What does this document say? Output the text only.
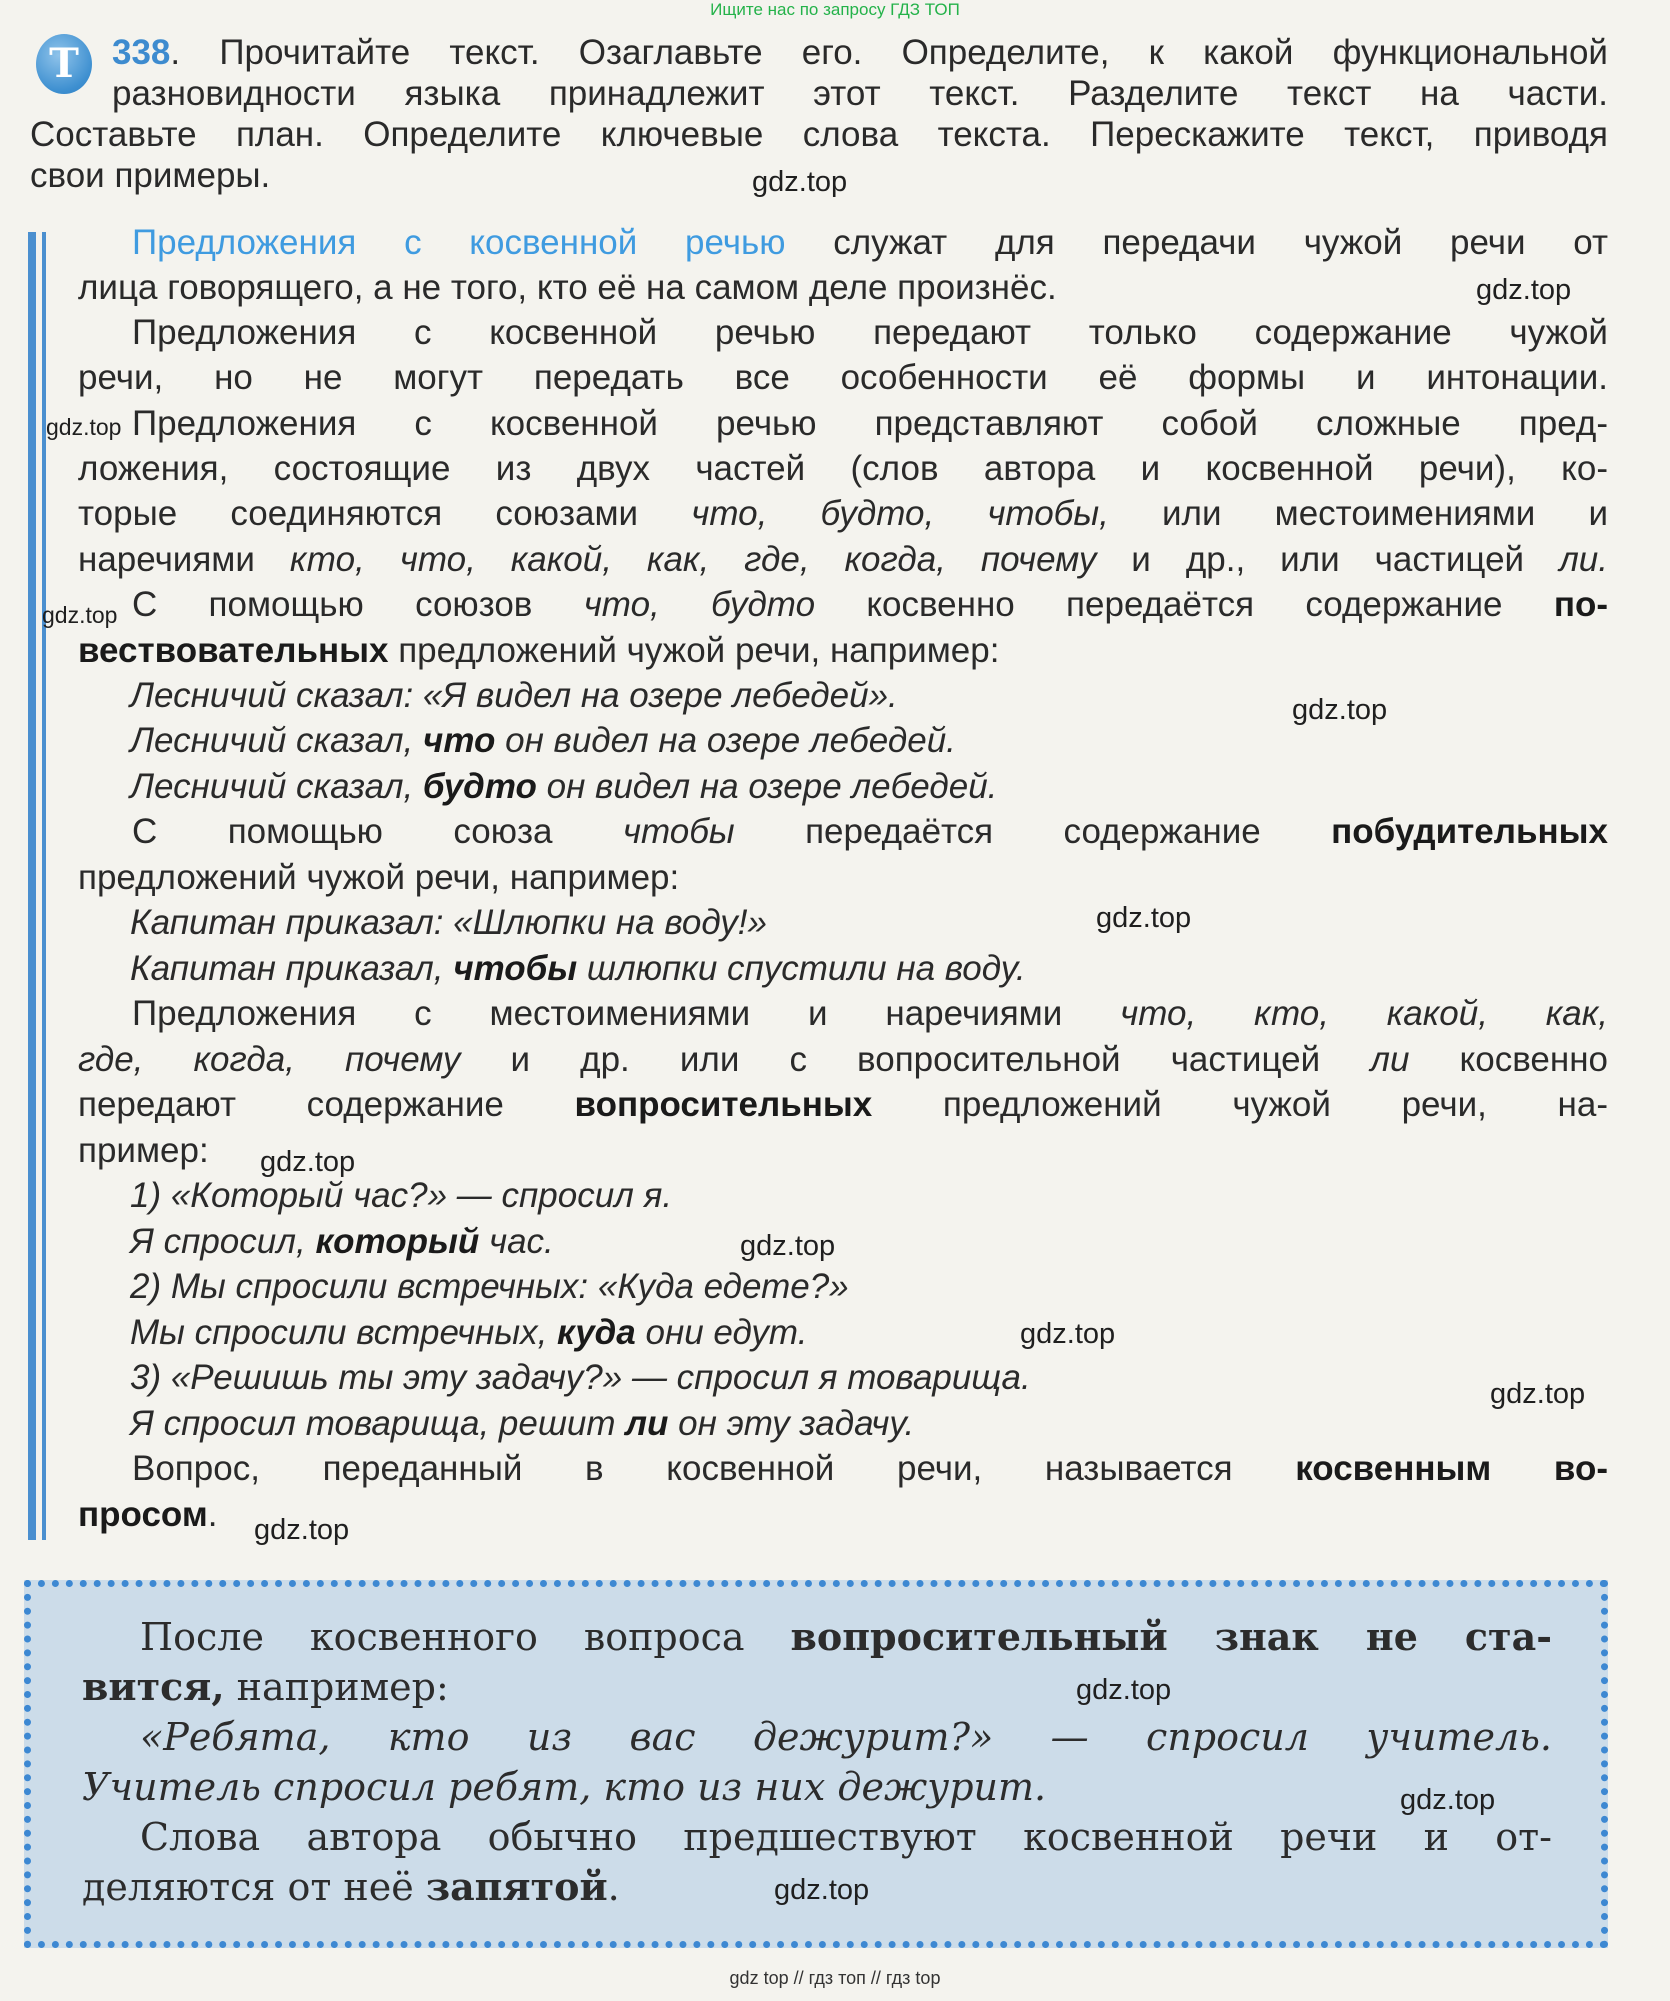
Ищите нас по запросу ГДЗ ТОП
Т 338. Прочитайте текст. Озаглавьте его. Определите, к какой функциональной
разновидности языка принадлежит этот текст. Разделите текст на части.
Составьте план. Определите ключевые слова текста. Перескажите текст, приводя
свои примеры.
Предложения с косвенной речью служат для передачи чужой речи от
лица говорящего, а не того, кто её на самом деле произнёс.
Предложения с косвенной речью передают только содержание чужой
речи, но не могут передать все особенности её формы и интонации.
Предложения с косвенной речью представляют собой сложные пред-
ложения, состоящие из двух частей (слов автора и косвенной речи), ко-
торые соединяются союзами что, будто, чтобы, или местоимениями и
наречиями кто, что, какой, как, где, когда, почему и др., или частицей ли.
С помощью союзов что, будто косвенно передаётся содержание по-
вествовательных предложений чужой речи, например:
Лесничий сказал: «Я видел на озере лебедей».
Лесничий сказал, что он видел на озере лебедей.
Лесничий сказал, будто он видел на озере лебедей.
С помощью союза чтобы передаётся содержание побудительных
предложений чужой речи, например:
Капитан приказал: «Шлюпки на воду!»
Капитан приказал, чтобы шлюпки спустили на воду.
Предложения с местоимениями и наречиями что, кто, какой, как,
где, когда, почему и др. или с вопросительной частицей ли косвенно
передают содержание вопросительных предложений чужой речи, на-
пример:
1) «Который час?» — спросил я.
Я спросил, который час.
2) Мы спросили встречных: «Куда едете?»
Мы спросили встречных, куда они едут.
3) «Решишь ты эту задачу?» — спросил я товарища.
Я спросил товарища, решит ли он эту задачу.
Вопрос, переданный в косвенной речи, называется косвенным во-
просом.
После косвенного вопроса вопросительный знак не ста-
вится, например:
«Ребята, кто из вас дежурит?» — спросил учитель.
Учитель спросил ребят, кто из них дежурит.
Слова автора обычно предшествуют косвенной речи и от-
деляются от неё запятой.
gdz.top
gdz.top
gdz.top
gdz.top
gdz.top
gdz.top
gdz.top
gdz.top
gdz.top
gdz.top
gdz.top
gdz.top
gdz.top
gdz.top
gdz top // гдз топ // гдз top
